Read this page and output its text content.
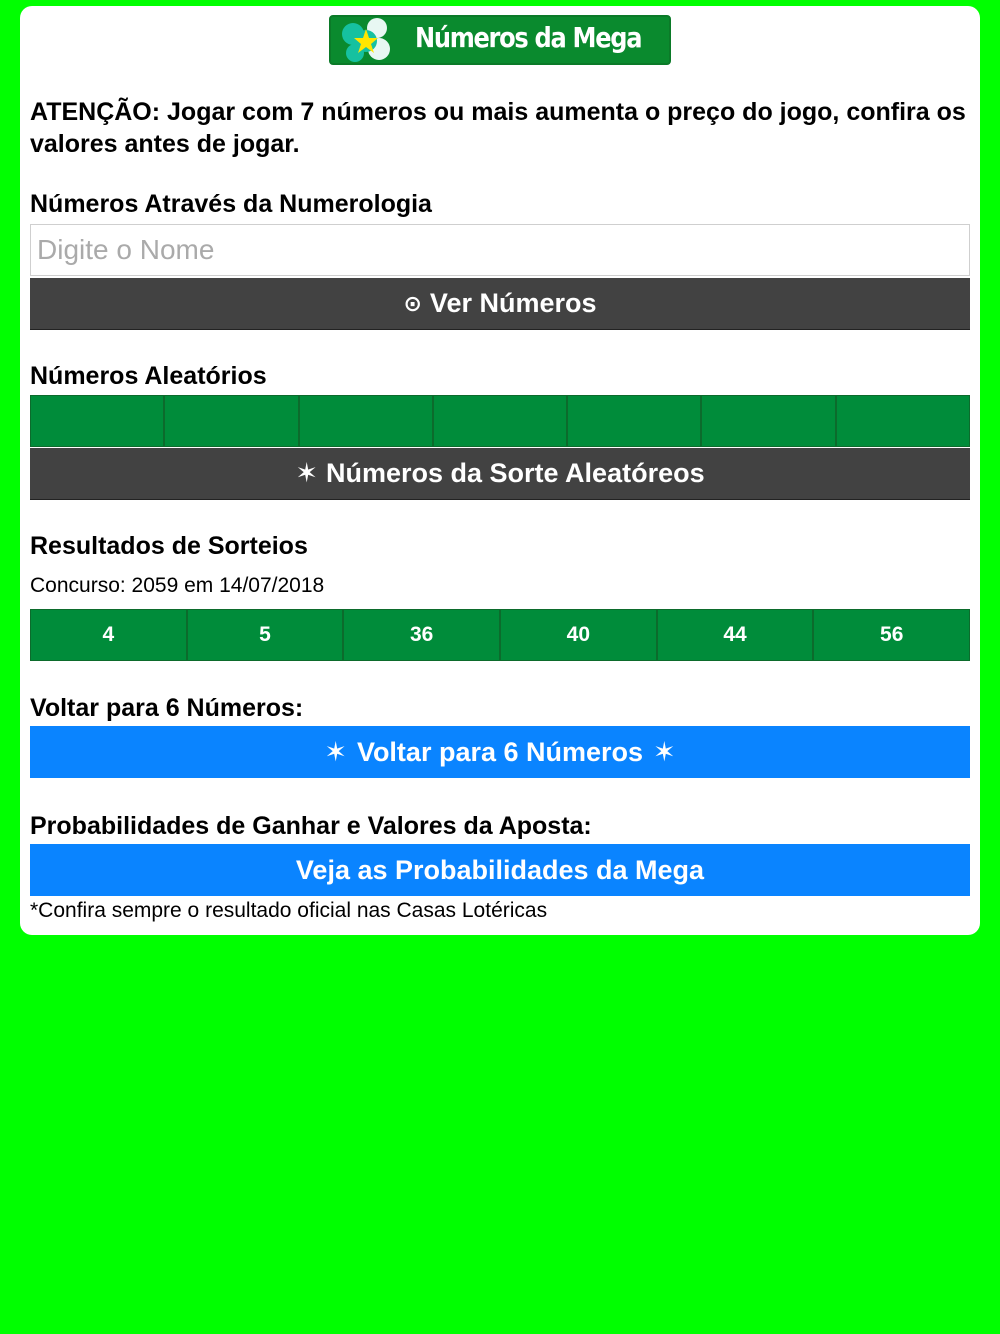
Números da Mega
ATENÇÃO: Jogar com 7 números ou mais aumenta o preço do jogo, confira os valores antes de jogar.
Números Através da Numerologia
Digite o Nome
⊙ Ver Números
Números Aleatórios
✶ Números da Sorte Aleatóreos
Resultados de Sorteios
Concurso: 2059 em 14/07/2018
4	5	36	40	44	56
Voltar para 6 Números:
✶ Voltar para 6 Números ✶
Probabilidades de Ganhar e Valores da Aposta:
Veja as Probabilidades da Mega
*Confira sempre o resultado oficial nas Casas Lotéricas
